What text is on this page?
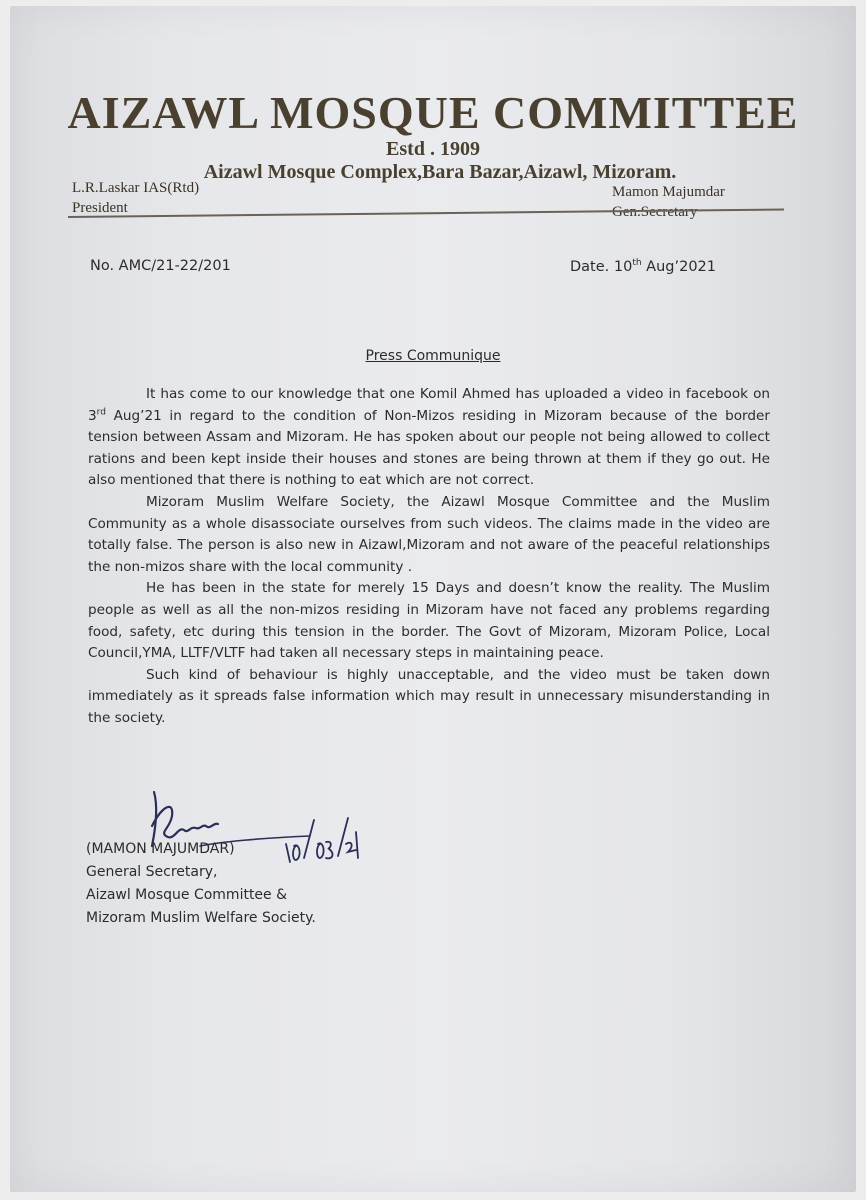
AIZAWL MOSQUE COMMITTEE
Estd . 1909
Aizawl Mosque Complex,Bara Bazar,Aizawl, Mizoram.
L.R.Laskar IAS(Rtd)
President
Mamon Majumdar
Gen.Secretary
No. AMC/21-22/201	Date. 10th Aug’2021
Press Communique

It has come to our knowledge that one Komil Ahmed has uploaded a video in facebook on 3rd Aug’21 in regard to the condition of Non-Mizos residing in Mizoram because of the border tension between Assam and Mizoram. He has spoken about our people not being allowed to collect rations and been kept inside their houses and stones are being thrown at them if they go out. He also mentioned that there is nothing to eat which are not correct.

Mizoram Muslim Welfare Society, the Aizawl Mosque Committee and the Muslim Community as a whole disassociate ourselves from such videos. The claims made in the video are totally false. The person is also new in Aizawl,Mizoram and not aware of the peaceful relationships the non-mizos share with the local community .

He has been in the state for merely 15 Days and doesn’t know the reality. The Muslim people as well as all the non-mizos residing in Mizoram have not faced any problems regarding food, safety, etc during this tension in the border. The Govt of Mizoram, Mizoram Police, Local Council,YMA, LLTF/VLTF had taken all necessary steps in maintaining peace.

Such kind of behaviour is highly unacceptable, and the video must be taken down immediately as it spreads false information which may result in unnecessary misunderstanding in the society.

(MAMON MAJUMDAR)
General Secretary,
Aizawl Mosque Committee &
Mizoram Muslim Welfare Society.
